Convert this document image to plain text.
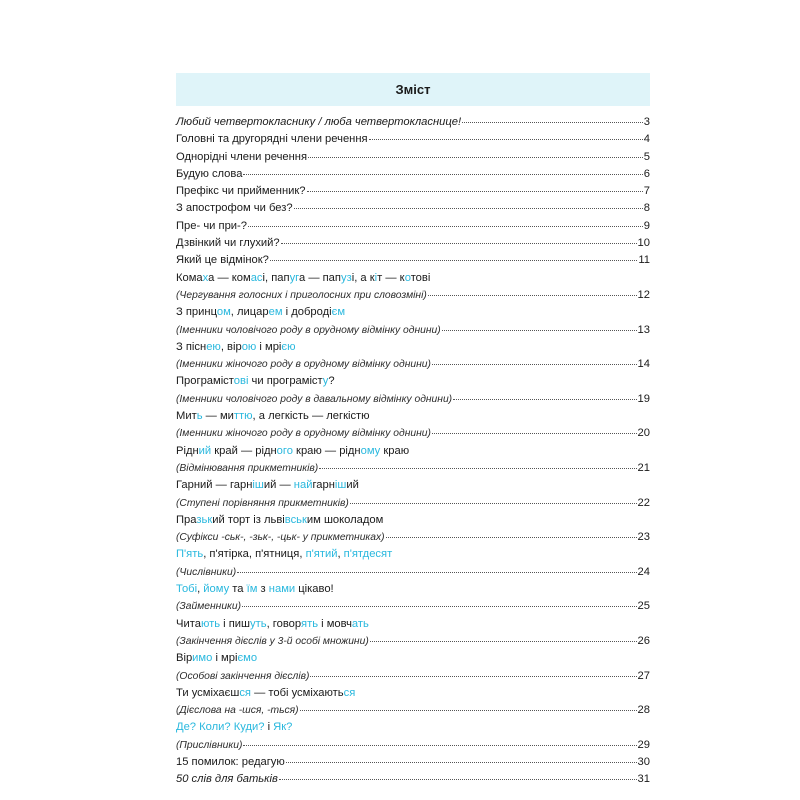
Зміст
Любий четвертокласнику / люба четвертокласнице!	3
Головні та другорядні члени речення	4
Однорідні члени речення	5
Будую слова	6
Префікс чи прийменник?	7
З апострофом чи без?	8
Пре- чи при-?	9
Дзвінкий чи глухий?	10
Який це відмінок?	11
Комаха — комасі, папуга — папузі, а кіт — котові
(Чергування голосних і приголосних при словозміні)	12
З принцом, лицарем і добродієм
(Іменники чоловічого роду в орудному відмінку однини)	13
З піснею, вірою і мрією
(Іменники жіночого роду в орудному відмінку однини)	14
Програмістові чи програмісту?
(Іменники чоловічого роду в давальному відмінку однини)	19
Мить — миттю, а легкість — легкістю
(Іменники жіночого роду в орудному відмінку однини)	20
Рідний край — рідного краю — рідному краю
(Відмінювання прикметників)	21
Гарний — гарніший — найгарніший
(Ступені порівняння прикметників)	22
Празький торт із львівським шоколадом
(Суфікси -ськ-, -зьк-, -цьк- у прикметниках)	23
П'ять, п'ятірка, п'ятниця, п'ятий, п'ятдесят
(Числівники)	24
Тобі, йому та їм з нами цікаво!
(Займенники)	25
Читають і пишуть, говорять і мовчать
(Закінчення дієслів у 3-й особі множини)	26
Віримо і мріємо
(Особові закінчення дієслів)	27
Ти усміхаєшся — тобі усміхаються
(Дієслова на -шся, -ться)	28
Де? Коли? Куди? і Як?
(Прислівники)	29
15 помилок: редагую	30
50 слів для батьків	31
